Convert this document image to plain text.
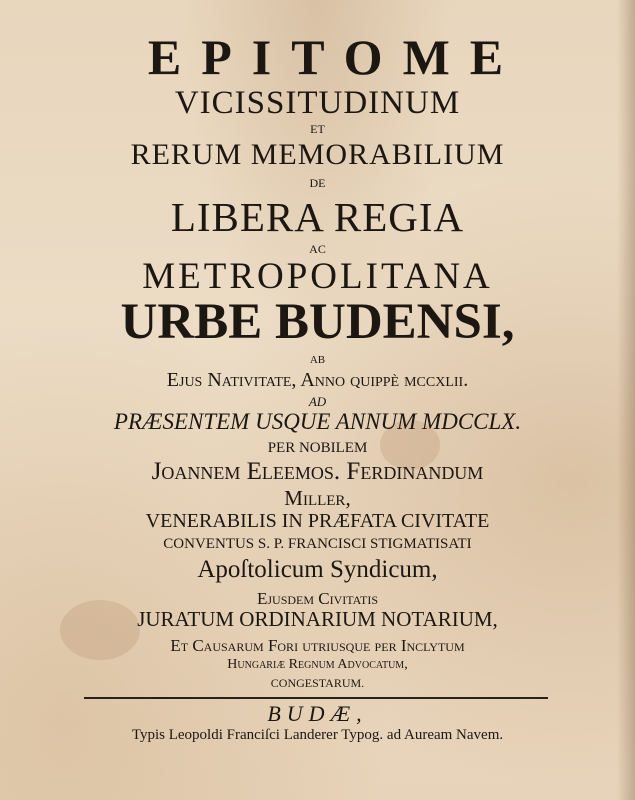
EPITOME
VICISSITUDINUM
ET
RERUM MEMORABILIUM
DE
LIBERA REGIA
AC
METROPOLITANA
URBE BUDENSI,
AB
Ejus Nativitate, Anno quippè mccxlii.
AD
PRÆSENTEM USQUE ANNUM MDCCLX.
PER NOBILEM
Joannem Eleemos. Ferdinandum
Miller,
VENERABILIS IN PRÆFATA CIVITATE
CONVENTUS S. P. FRANCISCI STIGMATISATI
Apoſtolicum Syndicum,
Ejusdem Civitatis
JURATUM ORDINARIUM NOTARIUM,
Et Causarum Fori utriusque per Inclytum
Hungariæ Regnum Advocatum,
CONGESTARUM.
BUDÆ,
Typis Leopoldi Franciſci Landerer Typog. ad Auream Navem.
